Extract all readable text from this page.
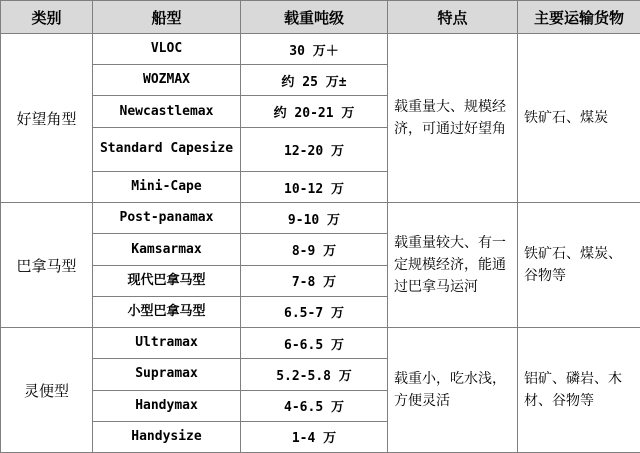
类别	船型	载重吨级	特点	主要运输货物
好望角型	VLOC	30 万＋	载重量大、规模经济，可通过好望角	铁矿石、煤炭
	WOZMAX	约 25 万±		
	Newcastlemax	约 20-21 万		
	Standard Capesize	12-20 万		
	Mini-Cape	10-12 万		
巴拿马型	Post-panamax	9-10 万	载重量较大、有一定规模经济，能通过巴拿马运河	铁矿石、煤炭、谷物等
	Kamsarmax	8-9 万		
	现代巴拿马型	7-8 万		
	小型巴拿马型	6.5-7 万		
灵便型	Ultramax	6-6.5 万	载重小，吃水浅，方便灵活	铝矿、磷岩、木材、谷物等
	Supramax	5.2-5.8 万		
	Handymax	4-6.5 万		
	Handysize	1-4 万		
